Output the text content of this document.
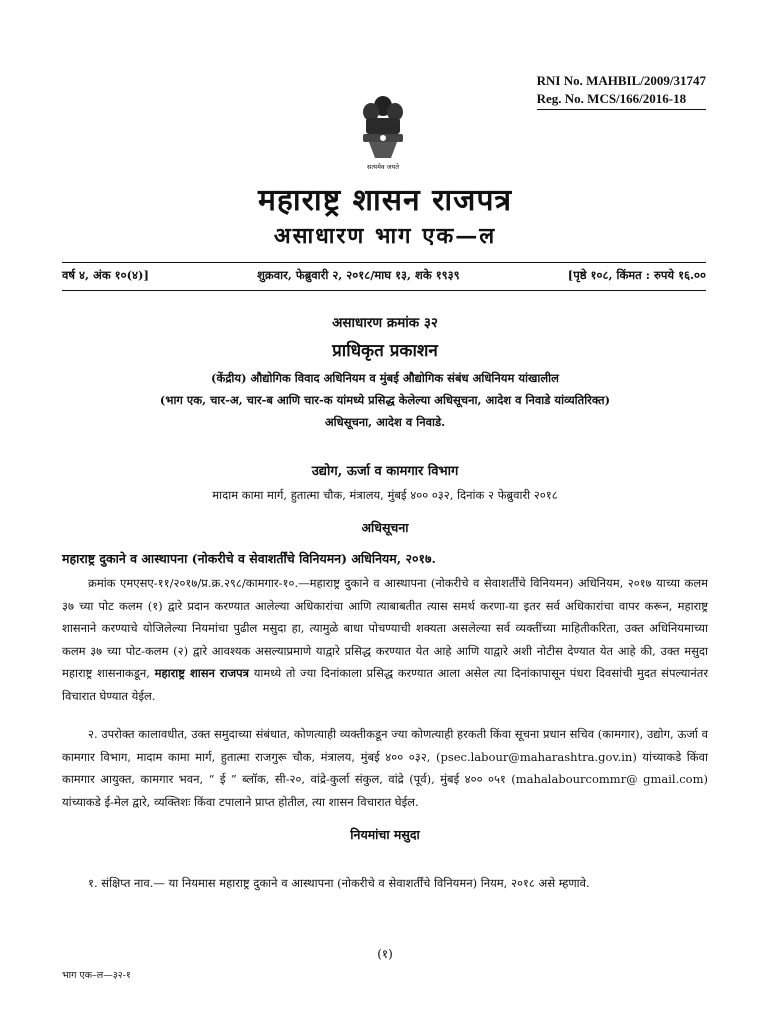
RNI No. MAHBIL/2009/31747
Reg. No. MCS/166/2016-18
सत्यमेव जयते
महाराष्ट्र शासन राजपत्र
असाधारण भाग एक—ल
वर्ष ४, अंक १०(४)]	शुक्रवार, फेब्रुवारी २, २०१८/माघ १३, शके १९३९	[पृष्ठे १०८, किंमत : रुपये १६.००
असाधारण क्रमांक ३२
प्राधिकृत प्रकाशन
(केंद्रीय) औद्योगिक विवाद अधिनियम व मुंबई औद्योगिक संबंध अधिनियम यांखालील
(भाग एक, चार-अ, चार-ब आणि चार-क यांमध्ये प्रसिद्ध केलेल्या अधिसूचना, आदेश व निवाडे यांव्यतिरिक्त)
अधिसूचना, आदेश व निवाडे.
उद्योग, ऊर्जा व कामगार विभाग
मादाम कामा मार्ग, हुतात्मा चौक, मंत्रालय, मुंबई ४०० ०३२, दिनांक २ फेब्रुवारी २०१८
अधिसूचना
महाराष्ट्र दुकाने व आस्थापना (नोकरीचे व सेवाशर्तींचे विनियमन) अधिनियम, २०१७.

क्रमांक एमएसए-११/२०१७/प्र.क्र.२९८/कामगार-१०.—महाराष्ट्र दुकाने व आस्थापना (नोकरीचे व सेवाशर्तींचे विनियमन) अधिनियम, २०१७ याच्या कलम ३७ च्या पोट कलम (१) द्वारे प्रदान करण्यात आलेल्या अधिकारांचा आणि त्याबाबतीत त्यास समर्थ करणा-या इतर सर्व अधिकारांचा वापर करून, महाराष्ट्र शासनाने करण्याचे योजिलेल्या नियमांचा पुढील मसुदा हा, त्यामुळे बाधा पोचण्याची शक्यता असलेल्या सर्व व्यक्तींच्या माहितीकरिता, उक्त अधिनियमाच्या कलम ३७ च्या पोट-कलम (२) द्वारे आवश्यक असल्याप्रमाणे याद्वारे प्रसिद्ध करण्यात येत आहे आणि याद्वारे अशी नोटीस देण्यात येत आहे की, उक्त मसुदा महाराष्ट्र शासनाकडून, महाराष्ट्र शासन राजपत्र यामध्ये तो ज्या दिनांकाला प्रसिद्ध करण्यात आला असेल त्या दिनांकापासून पंधरा दिवसांची मुदत संपल्यानंतर विचारात घेण्यात येईल.

२. उपरोक्त कालावधीत, उक्त समुदाच्या संबंधात, कोणत्याही व्यक्तीकडून ज्या कोणत्याही हरकती किंवा सूचना प्रधान सचिव (कामगार), उद्योग, ऊर्जा व कामगार विभाग, मादाम कामा मार्ग, हुतात्मा राजगुरू चौक, मंत्रालय, मुंबई ४०० ०३२, (psec.labour@maharashtra.gov.in) यांच्याकडे किंवा कामगार आयुक्त, कामगार भवन, “ ई ” ब्लॉक, सी-२०, वांद्रे-कुर्ला संकुल, वांद्रे (पूर्व), मुंबई ४०० ०५१ (mahalabourcommr@ gmail.com) यांच्याकडे ई-मेल द्वारे, व्यक्तिशः किंवा टपालाने प्राप्त होतील, त्या शासन विचारात घेईल.

नियमांचा मसुदा
१. संक्षिप्त नाव.— या नियमास महाराष्ट्र दुकाने व आस्थापना (नोकरीचे व सेवाशर्तींचे विनियमन) नियम, २०१८ असे म्हणावे.
(१)
भाग एक–ल—३२-१
